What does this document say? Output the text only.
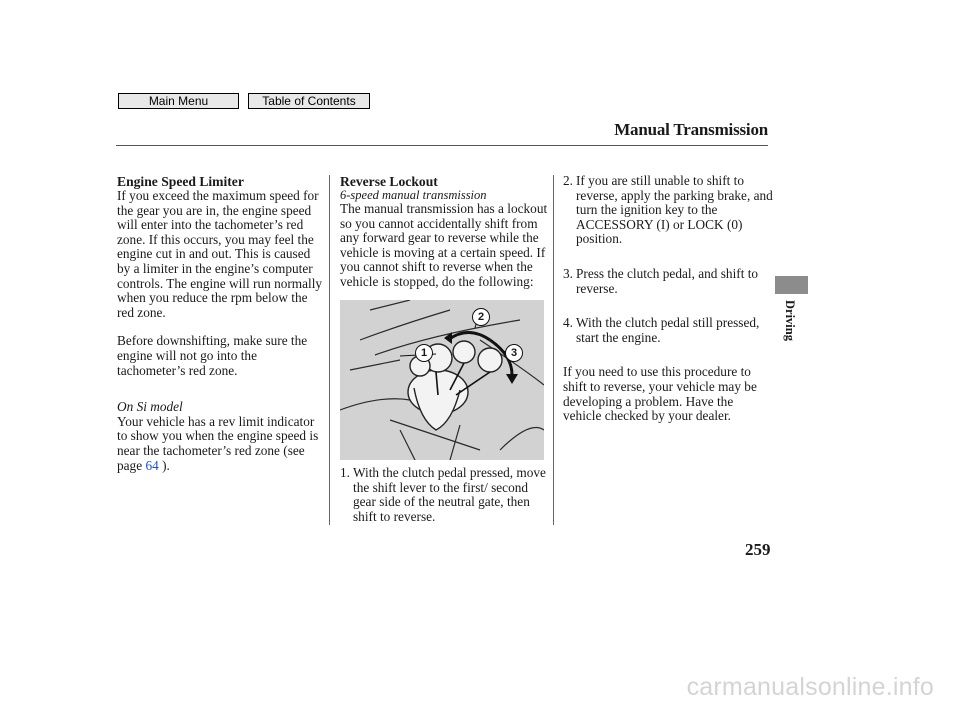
Main Menu	Table of Contents
Manual Transmission

Engine Speed Limiter

If you exceed the maximum speed for the gear you are in, the engine speed will enter into the tachometer’s red zone. If this occurs, you may feel the engine cut in and out. This is caused by a limiter in the engine’s computer controls. The engine will run normally when you reduce the rpm below the red zone.

Before downshifting, make sure the engine will not go into the tachometer’s red zone.

On Si model

Your vehicle has a rev limit indicator to show you when the engine speed is near the tachometer’s red zone (see page 64 ).

Reverse Lockout

6-speed manual transmission

The manual transmission has a lockout so you cannot accidentally shift from any forward gear to reverse while the vehicle is moving at a certain speed. If you cannot shift to reverse when the vehicle is stopped, do the following:

1
2
3
1. With the clutch pedal pressed, move the shift lever to the first/ second gear side of the neutral gate, then shift to reverse.
2. If you are still unable to shift to reverse, apply the parking brake, and turn the ignition key to the ACCESSORY (I) or LOCK (0) position.
3. Press the clutch pedal, and shift to reverse.
4. With the clutch pedal still pressed, start the engine.

If you need to use this procedure to shift to reverse, your vehicle may be developing a problem. Have the vehicle checked by your dealer.

Driving
259
carmanualsonline.info
